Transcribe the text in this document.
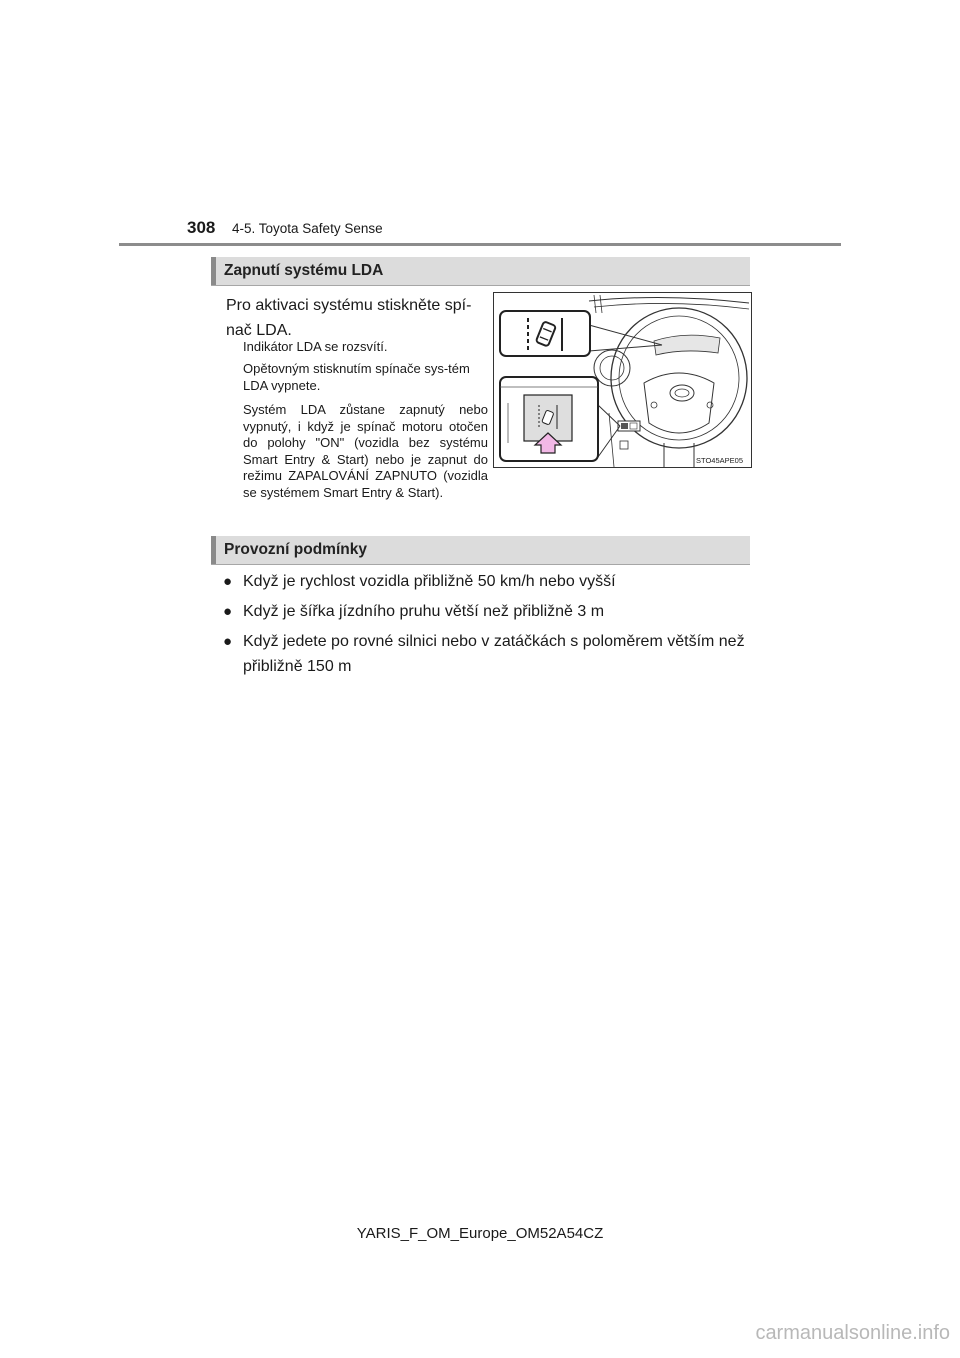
308 4-5. Toyota Safety Sense
Zapnutí systému LDA
Pro aktivaci systému stiskněte spí-nač LDA.
Indikátor LDA se rozsvítí.
Opětovným stisknutím spínače sys-tém LDA vypnete.
Systém LDA zůstane zapnutý nebo vypnutý, i když je spínač motoru otočen do polohy "ON" (vozidla bez systému Smart Entry & Start) nebo je zapnut do režimu ZAPALOVÁNÍ ZAPNUTO (vozidla se systémem Smart Entry & Start).
STO45APE05
Provozní podmínky
● Když je rychlost vozidla přibližně 50 km/h nebo vyšší
● Když je šířka jízdního pruhu větší než přibližně 3 m
● Když jedete po rovné silnici nebo v zatáčkách s poloměrem větším než přibližně 150 m
YARIS_F_OM_Europe_OM52A54CZ
carmanualsonline.info
